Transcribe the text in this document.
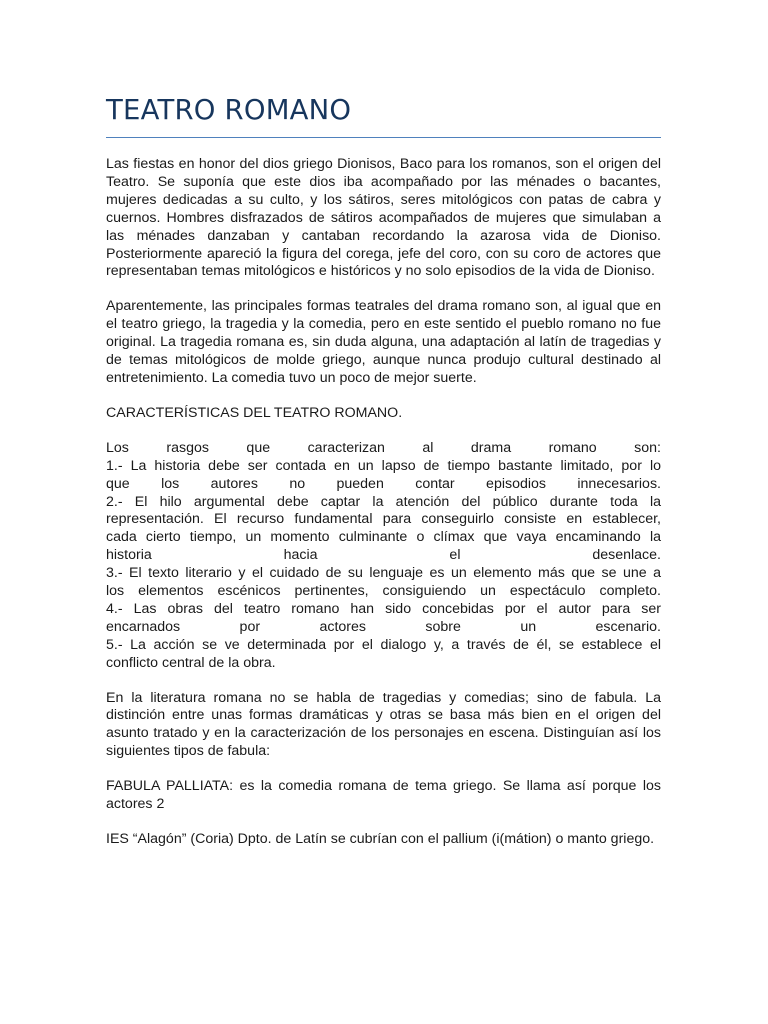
TEATRO ROMANO

Las fiestas en honor del dios griego Dionisos, Baco para los romanos, son el origen del Teatro. Se suponía que este dios iba acompañado por las ménades o bacantes, mujeres dedicadas a su culto, y los sátiros, seres mitológicos con patas de cabra y cuernos. Hombres disfrazados de sátiros acompañados de mujeres que simulaban a las ménades danzaban y cantaban recordando la azarosa vida de Dioniso. Posteriormente apareció la figura del corega, jefe del coro, con su coro de actores que representaban temas mitológicos e históricos y no solo episodios de la vida de Dioniso.

Aparentemente, las principales formas teatrales del drama romano son, al igual que en el teatro griego, la tragedia y la comedia, pero en este sentido el pueblo romano no fue original. La tragedia romana es, sin duda alguna, una adaptación al latín de tragedias y de temas mitológicos de molde griego, aunque nunca produjo cultural destinado al entretenimiento. La comedia tuvo un poco de mejor suerte.

CARACTERÍSTICAS DEL TEATRO ROMANO.

Los rasgos que caracterizan al drama romano son:
1.- La historia debe ser contada en un lapso de tiempo bastante limitado, por lo
que los autores no pueden contar episodios innecesarios.
2.- El hilo argumental debe captar la atención del público durante toda la
representación. El recurso fundamental para conseguirlo consiste en establecer,
cada cierto tiempo, un momento culminante o clímax que vaya encaminando la
historia hacia el desenlace.
3.- El texto literario y el cuidado de su lenguaje es un elemento más que se une a
los elementos escénicos pertinentes, consiguiendo un espectáculo completo.
4.- Las obras del teatro romano han sido concebidas por el autor para ser
encarnados por actores sobre un escenario.
5.- La acción se ve determinada por el dialogo y, a través de él, se establece el
conflicto central de la obra.

En la literatura romana no se habla de tragedias y comedias; sino de fabula. La distinción entre unas formas dramáticas y otras se basa más bien en el origen del asunto tratado y en la caracterización de los personajes en escena. Distinguían así los siguientes tipos de fabula:

FABULA PALLIATA: es la comedia romana de tema griego. Se llama así porque los actores 2

IES “Alagón” (Coria) Dpto. de Latín se cubrían con el pallium (i(mátion) o manto griego.
